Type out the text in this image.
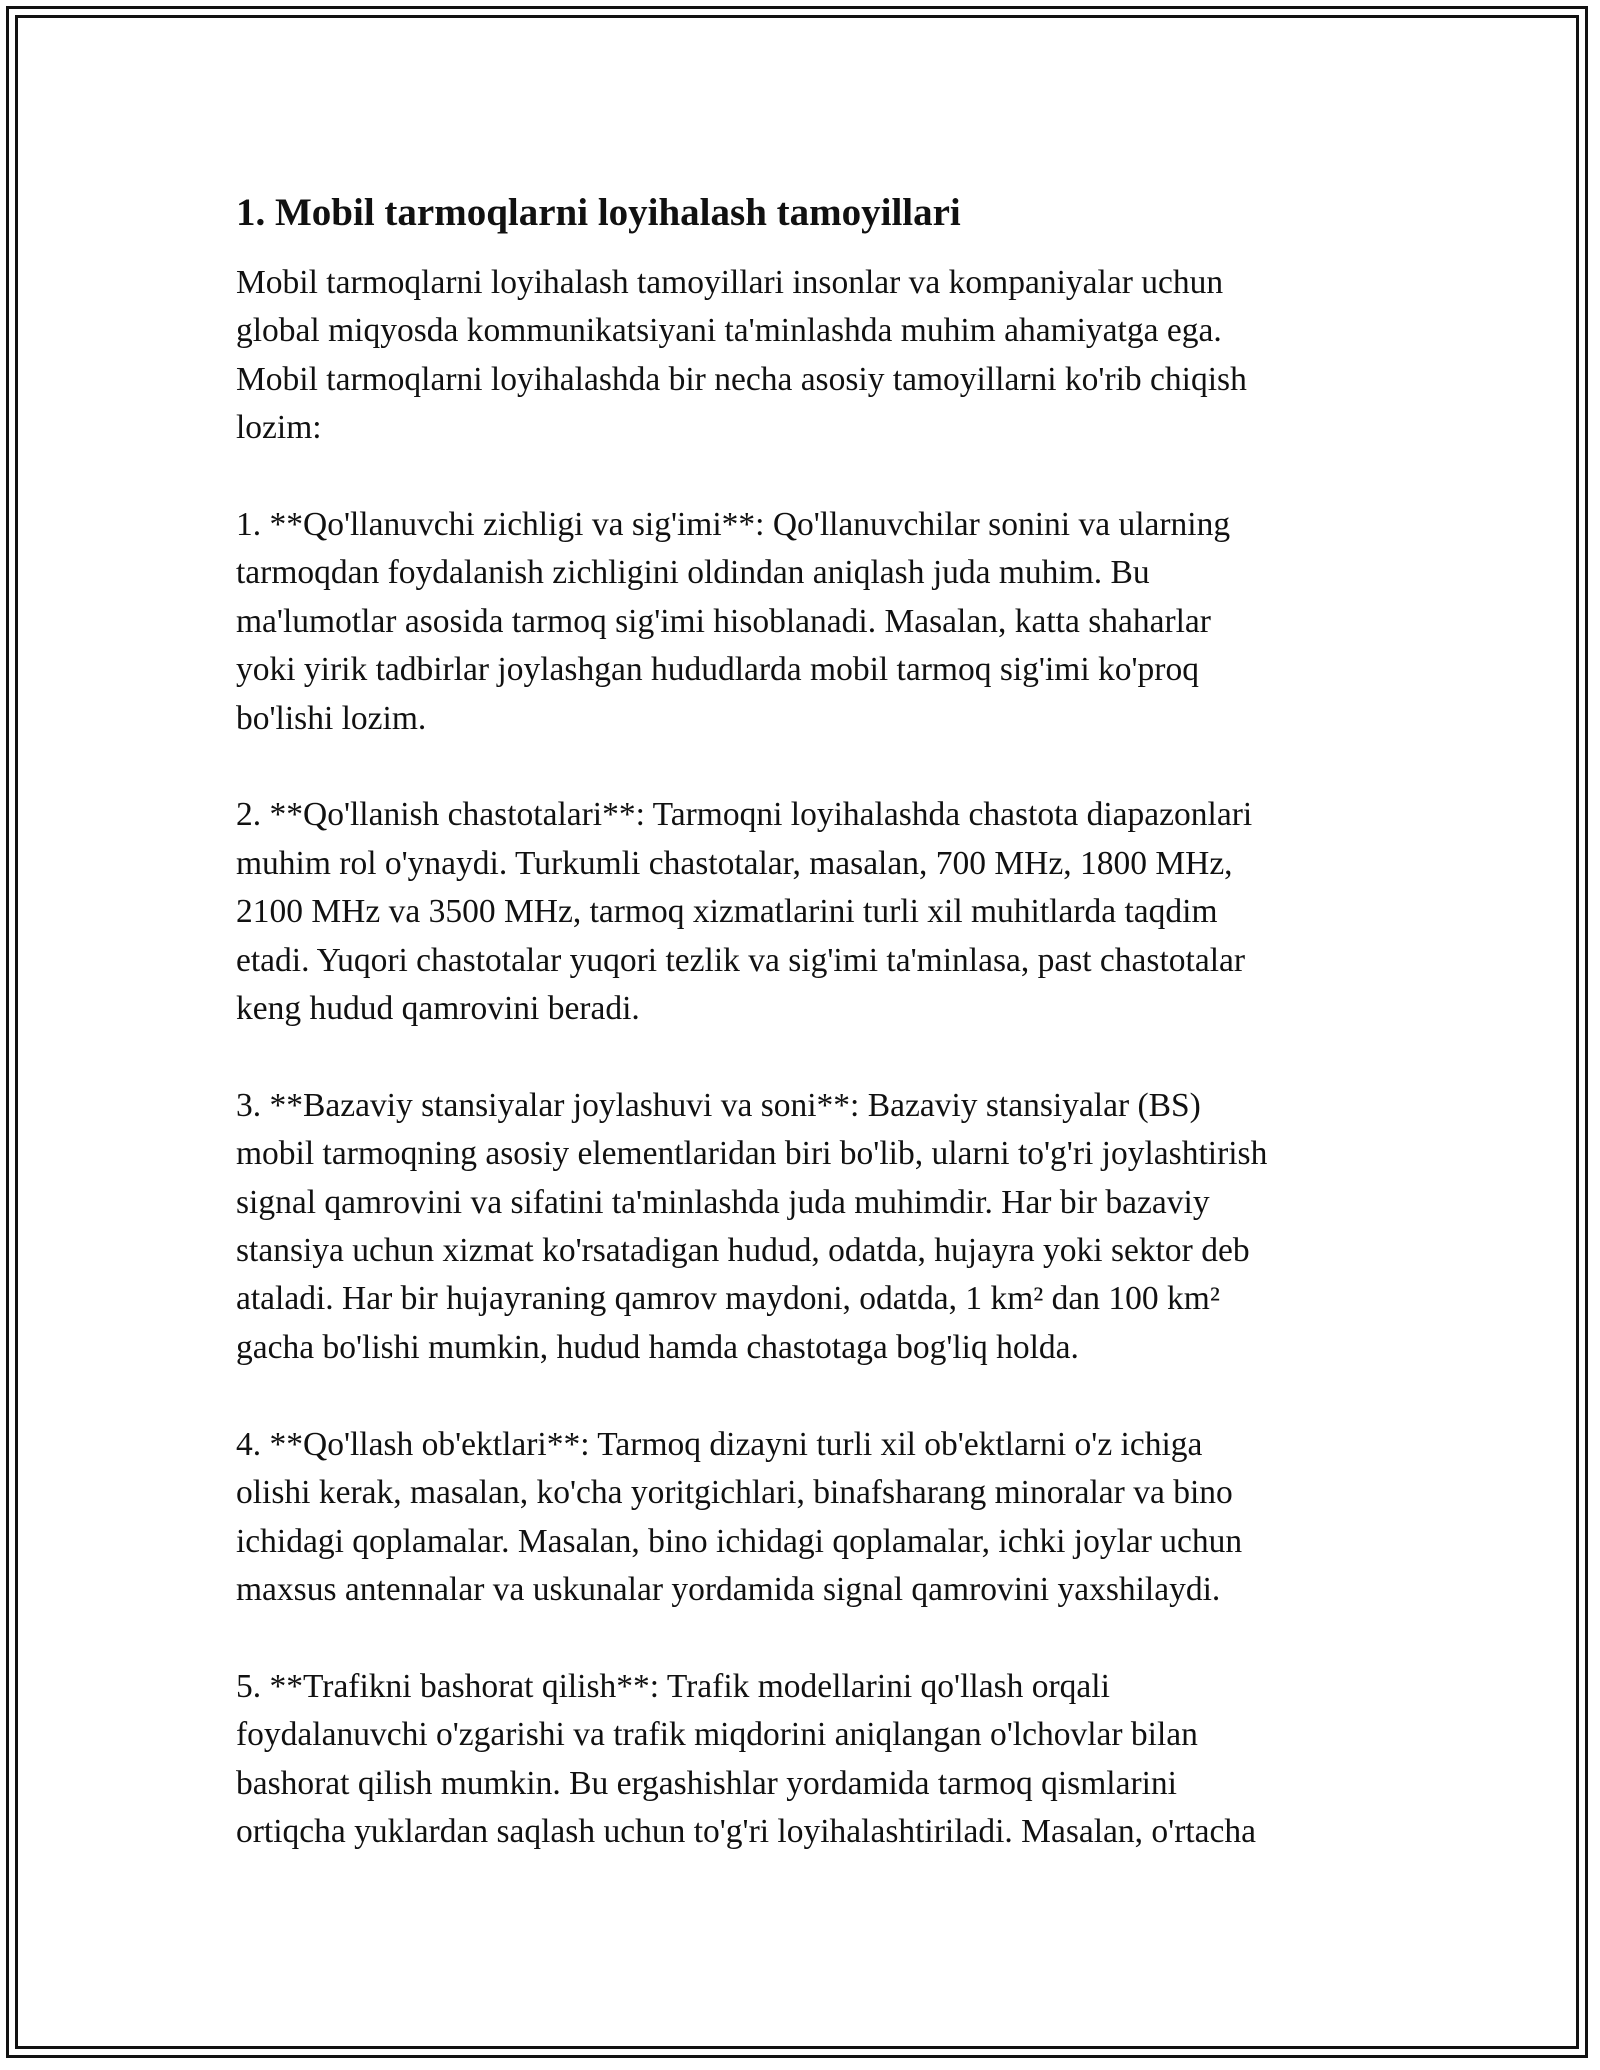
1. Mobil tarmoqlarni loyihalash tamoyillari

Mobil tarmoqlarni loyihalash tamoyillari insonlar va kompaniyalar uchun
global miqyosda kommunikatsiyani ta'minlashda muhim ahamiyatga ega.
Mobil tarmoqlarni loyihalashda bir necha asosiy tamoyillarni ko'rib chiqish
lozim:

1. **Qo'llanuvchi zichligi va sig'imi**: Qo'llanuvchilar sonini va ularning
tarmoqdan foydalanish zichligini oldindan aniqlash juda muhim. Bu
ma'lumotlar asosida tarmoq sig'imi hisoblanadi. Masalan, katta shaharlar
yoki yirik tadbirlar joylashgan hududlarda mobil tarmoq sig'imi ko'proq
bo'lishi lozim.

2. **Qo'llanish chastotalari**: Tarmoqni loyihalashda chastota diapazonlari
muhim rol o'ynaydi. Turkumli chastotalar, masalan, 700 MHz, 1800 MHz,
2100 MHz va 3500 MHz, tarmoq xizmatlarini turli xil muhitlarda taqdim
etadi. Yuqori chastotalar yuqori tezlik va sig'imi ta'minlasa, past chastotalar
keng hudud qamrovini beradi.

3. **Bazaviy stansiyalar joylashuvi va soni**: Bazaviy stansiyalar (BS)
mobil tarmoqning asosiy elementlaridan biri bo'lib, ularni to'g'ri joylashtirish
signal qamrovini va sifatini ta'minlashda juda muhimdir. Har bir bazaviy
stansiya uchun xizmat ko'rsatadigan hudud, odatda, hujayra yoki sektor deb
ataladi. Har bir hujayraning qamrov maydoni, odatda, 1 km² dan 100 km²
gacha bo'lishi mumkin, hudud hamda chastotaga bog'liq holda.

4. **Qo'llash ob'ektlari**: Tarmoq dizayni turli xil ob'ektlarni o'z ichiga
olishi kerak, masalan, ko'cha yoritgichlari, binafsharang minoralar va bino
ichidagi qoplamalar. Masalan, bino ichidagi qoplamalar, ichki joylar uchun
maxsus antennalar va uskunalar yordamida signal qamrovini yaxshilaydi.

5. **Trafikni bashorat qilish**: Trafik modellarini qo'llash orqali
foydalanuvchi o'zgarishi va trafik miqdorini aniqlangan o'lchovlar bilan
bashorat qilish mumkin. Bu ergashishlar yordamida tarmoq qismlarini
ortiqcha yuklardan saqlash uchun to'g'ri loyihalashtiriladi. Masalan, o'rtacha
